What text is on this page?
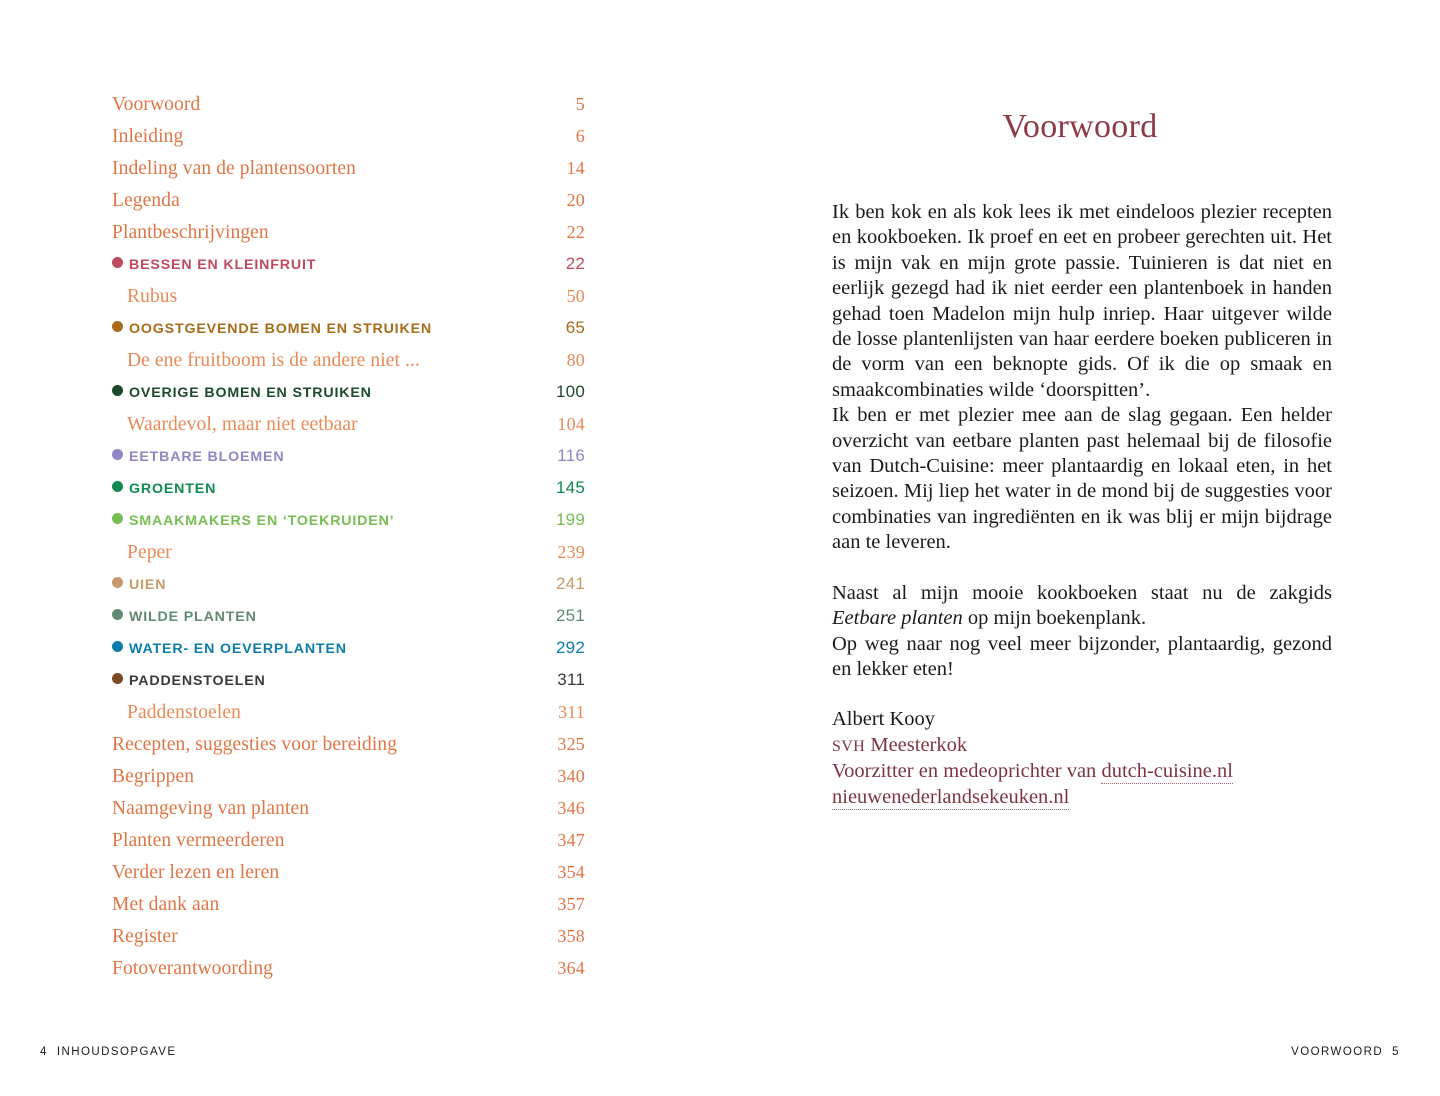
Voorwoord . . .	5
Inleiding . . .	6
Indeling van de plantensoorten . . .	14
Legenda . . .	20
Plantbeschrijvingen . . .	22
BESSEN EN KLEINFRUIT . . .	22
Rubus . . .	50
OOGSTGEVENDE BOMEN EN STRUIKEN . . .	65
De ene fruitboom is de andere niet ... . . .	80
OVERIGE BOMEN EN STRUIKEN . . .	100
Waardevol, maar niet eetbaar . . .	104
EETBARE BLOEMEN . . .	116
GROENTEN . . .	145
SMAAKMAKERS EN ‘TOEKRUIDEN’ . . .	199
Peper . . .	239
UIEN . . .	241
WILDE PLANTEN . . .	251
WATER- EN OEVERPLANTEN . . .	292
PADDENSTOELEN . . .	311
Paddenstoelen . . .	311
Recepten, suggesties voor bereiding . . .	325
Begrippen . . .	340
Naamgeving van planten . . .	346
Planten vermeerderen . . .	347
Verder lezen en leren . . .	354
Met dank aan . . .	357
Register . . .	358
Fotoverantwoording . . .	364
4 INHOUDSOPGAVE
Voorwoord

Ik ben kok en als kok lees ik met eindeloos plezier recepten en kookboeken. Ik proef en eet en probeer gerechten uit. Het is mijn vak en mijn grote passie. Tuinieren is dat niet en eerlijk gezegd had ik niet eerder een plantenboek in handen gehad toen Madelon mijn hulp inriep. Haar uitgever wilde de losse plantenlijsten van haar eerdere boeken publiceren in de vorm van een beknopte gids. Of ik die op smaak en smaakcombinaties wilde ‘doorspitten’.

Ik ben er met plezier mee aan de slag gegaan. Een helder overzicht van eetbare planten past helemaal bij de filosofie van Dutch-Cuisine: meer plantaardig en lokaal eten, in het seizoen. Mij liep het water in de mond bij de suggesties voor combinaties van ingrediënten en ik was blij er mijn bijdrage aan te leveren.

Naast al mijn mooie kookboeken staat nu de zakgids Eetbare planten op mijn boekenplank.

Op weg naar nog veel meer bijzonder, plantaardig, gezond en lekker eten!

Albert Kooy

SVH Meesterkok

Voorzitter en medeoprichter van dutch-cuisine.nl

nieuwenederlandsekeuken.nl

VOORWOORD 5
